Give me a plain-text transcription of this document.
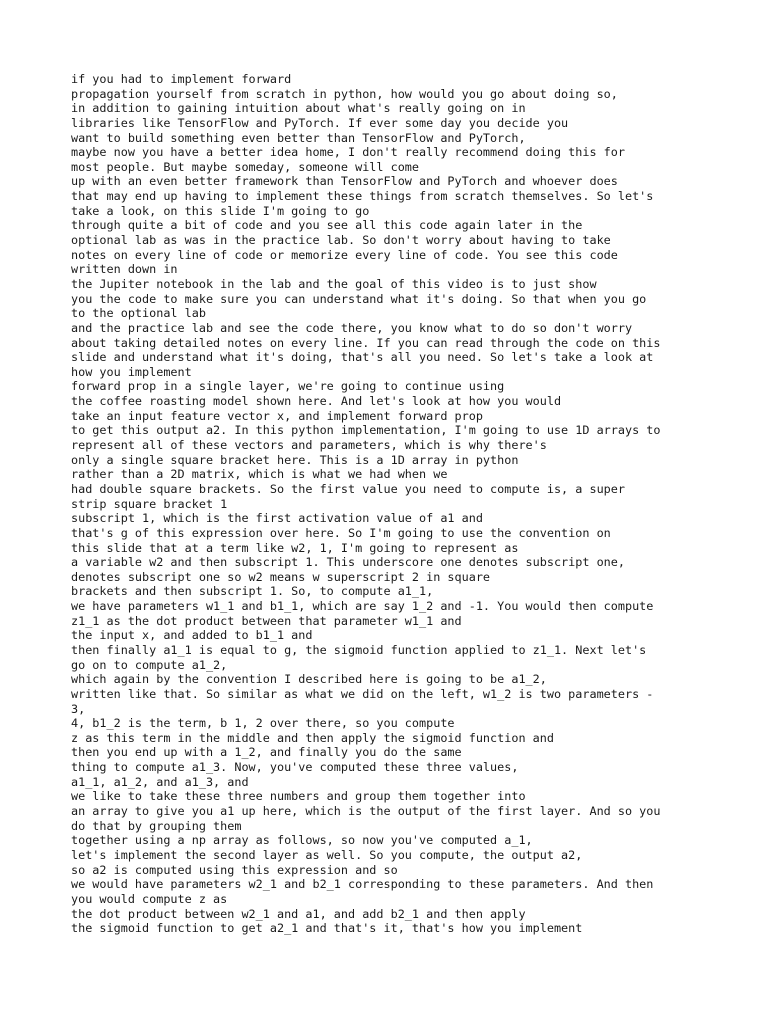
if you had to implement forward
propagation yourself from scratch in python, how would you go about doing so,
in addition to gaining intuition about what's really going on in
libraries like TensorFlow and PyTorch. If ever some day you decide you
want to build something even better than TensorFlow and PyTorch,
maybe now you have a better idea home, I don't really recommend doing this for
most people. But maybe someday, someone will come
up with an even better framework than TensorFlow and PyTorch and whoever does
that may end up having to implement these things from scratch themselves. So let's
take a look, on this slide I'm going to go
through quite a bit of code and you see all this code again later in the
optional lab as was in the practice lab. So don't worry about having to take
notes on every line of code or memorize every line of code. You see this code
written down in
the Jupiter notebook in the lab and the goal of this video is to just show
you the code to make sure you can understand what it's doing. So that when you go
to the optional lab
and the practice lab and see the code there, you know what to do so don't worry
about taking detailed notes on every line. If you can read through the code on this
slide and understand what it's doing, that's all you need. So let's take a look at
how you implement
forward prop in a single layer, we're going to continue using
the coffee roasting model shown here. And let's look at how you would
take an input feature vector x, and implement forward prop
to get this output a2. In this python implementation, I'm going to use 1D arrays to
represent all of these vectors and parameters, which is why there's
only a single square bracket here. This is a 1D array in python
rather than a 2D matrix, which is what we had when we
had double square brackets. So the first value you need to compute is, a super
strip square bracket 1
subscript 1, which is the first activation value of a1 and
that's g of this expression over here. So I'm going to use the convention on
this slide that at a term like w2, 1, I'm going to represent as
a variable w2 and then subscript 1. This underscore one denotes subscript one,
denotes subscript one so w2 means w superscript 2 in square
brackets and then subscript 1. So, to compute a1_1,
we have parameters w1_1 and b1_1, which are say 1_2 and -1. You would then compute
z1_1 as the dot product between that parameter w1_1 and
the input x, and added to b1_1 and
then finally a1_1 is equal to g, the sigmoid function applied to z1_1. Next let's
go on to compute a1_2,
which again by the convention I described here is going to be a1_2,
written like that. So similar as what we did on the left, w1_2 is two parameters -
3,
4, b1_2 is the term, b 1, 2 over there, so you compute
z as this term in the middle and then apply the sigmoid function and
then you end up with a 1_2, and finally you do the same
thing to compute a1_3. Now, you've computed these three values,
a1_1, a1_2, and a1_3, and
we like to take these three numbers and group them together into
an array to give you a1 up here, which is the output of the first layer. And so you
do that by grouping them
together using a np array as follows, so now you've computed a_1,
let's implement the second layer as well. So you compute, the output a2,
so a2 is computed using this expression and so
we would have parameters w2_1 and b2_1 corresponding to these parameters. And then
you would compute z as
the dot product between w2_1 and a1, and add b2_1 and then apply
the sigmoid function to get a2_1 and that's it, that's how you implement
